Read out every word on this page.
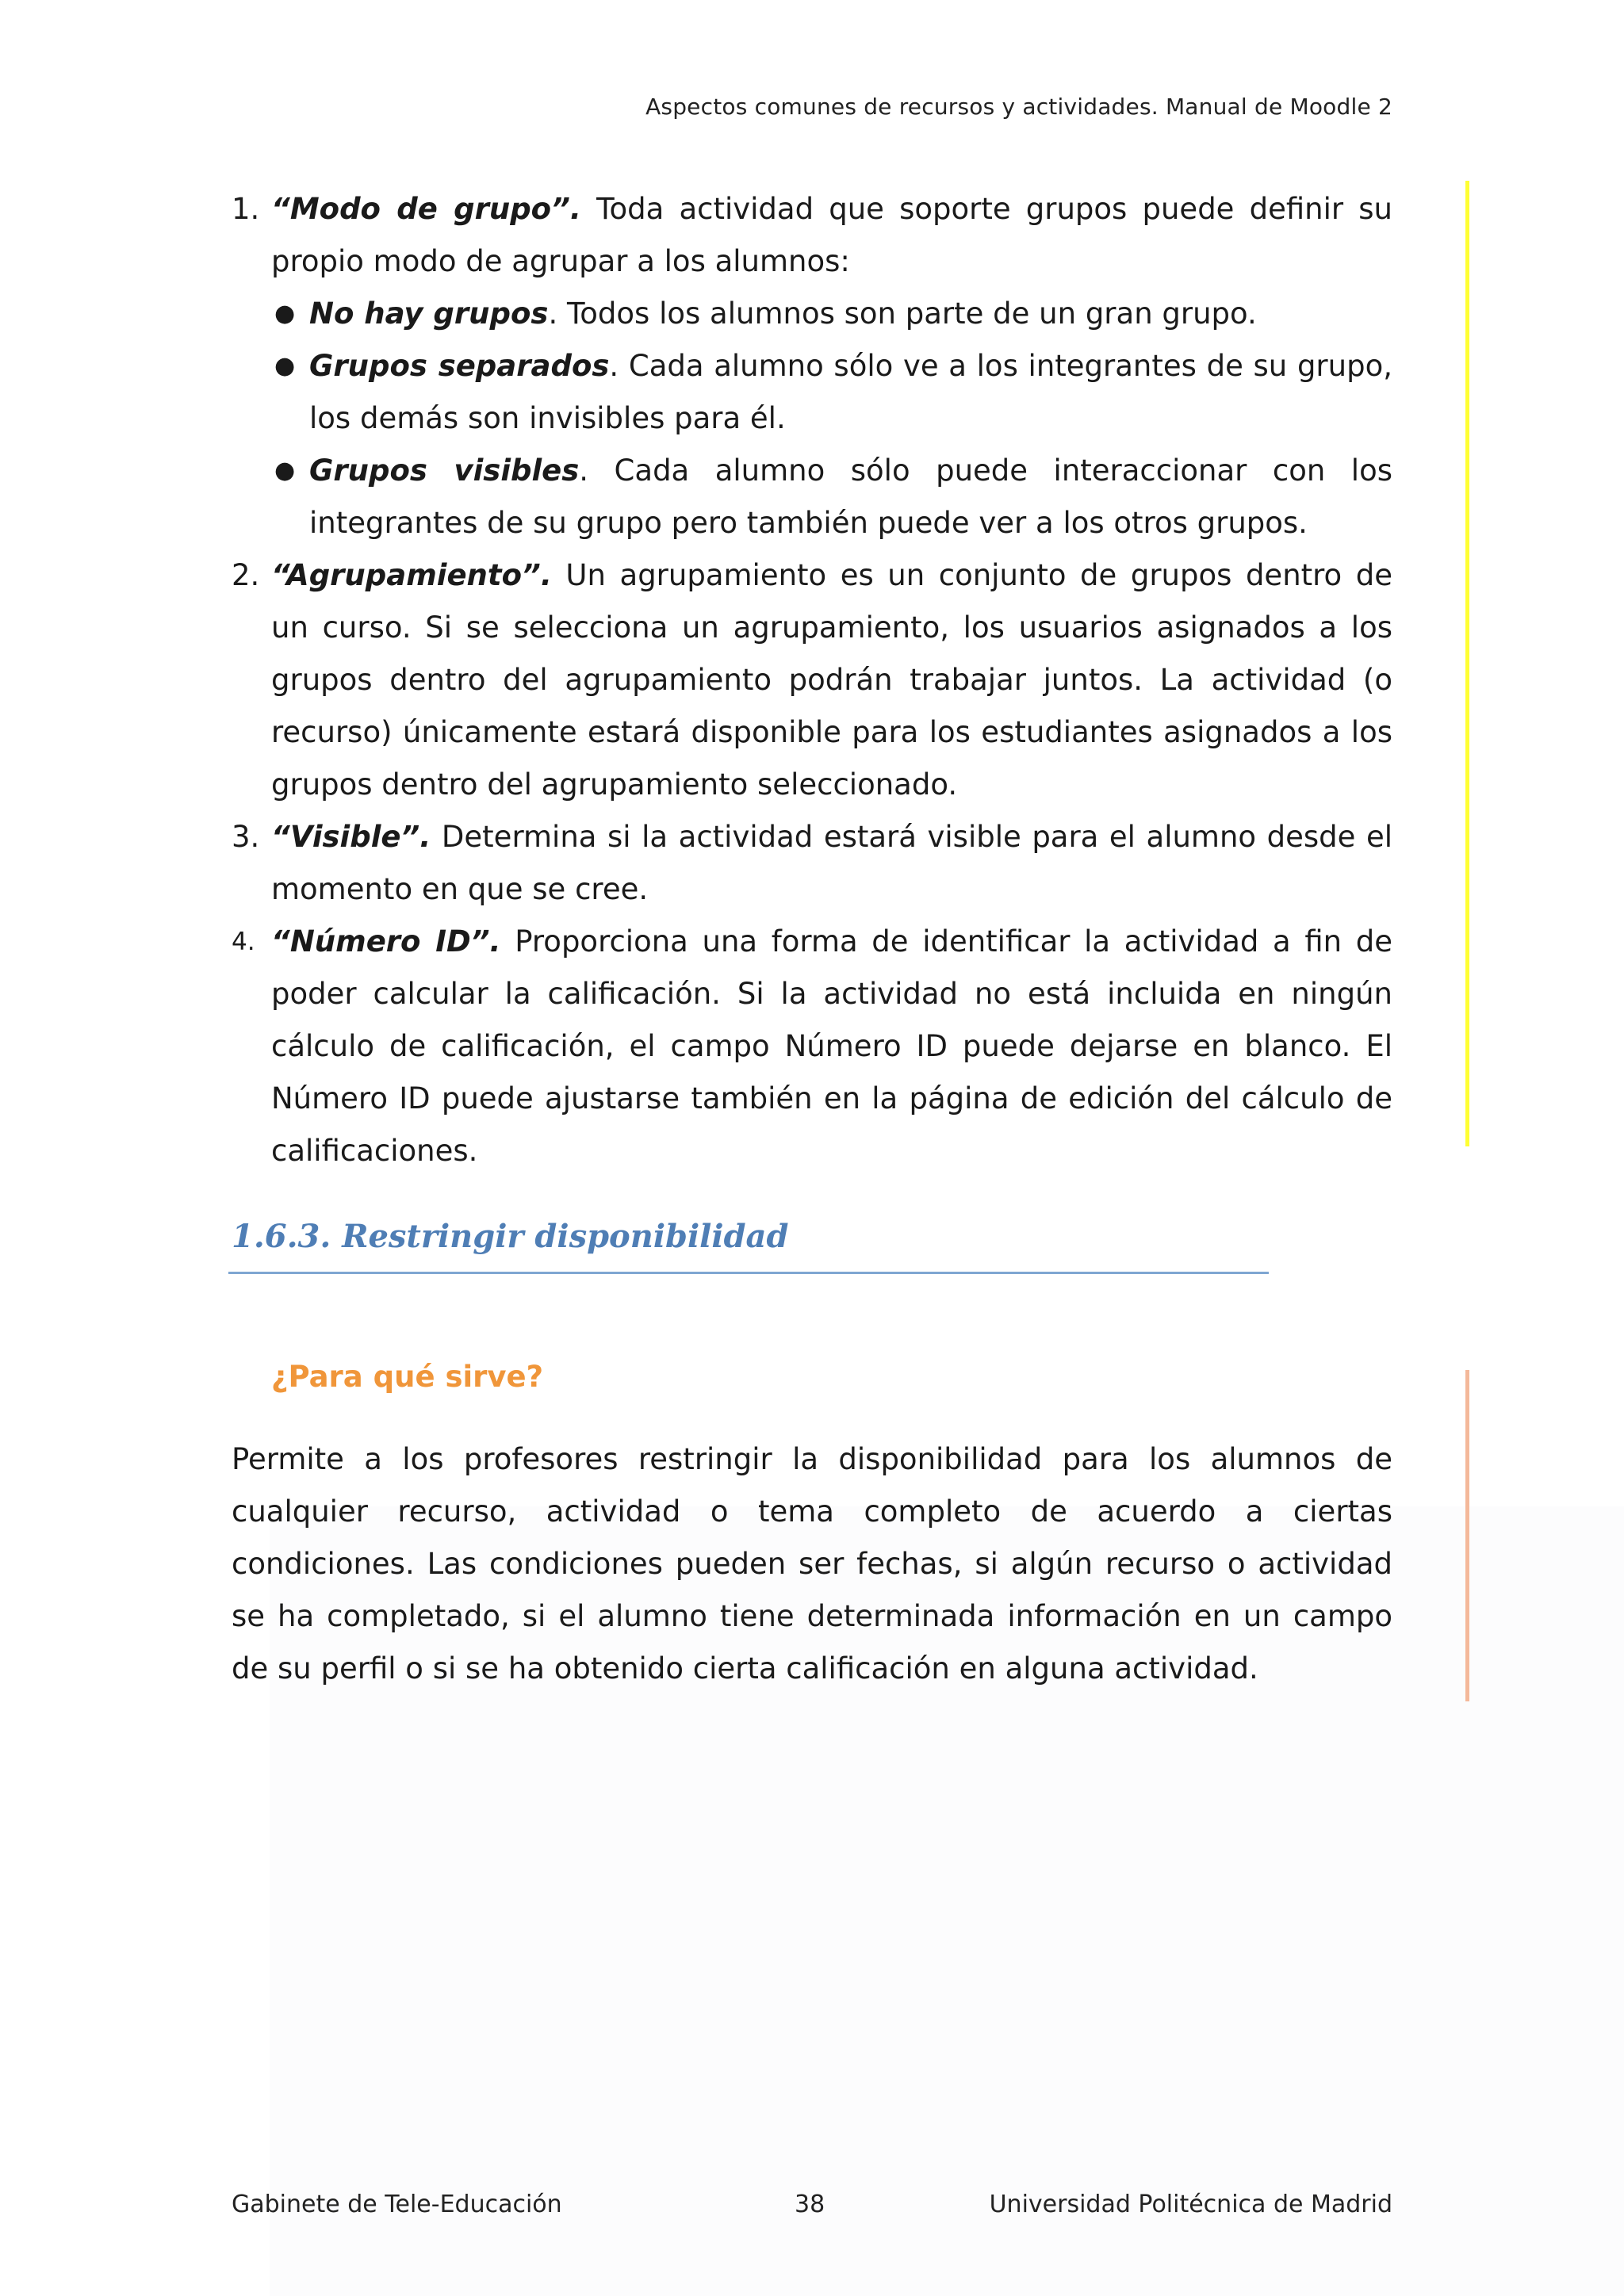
Aspectos comunes de recursos y actividades. Manual de Moodle 2
1. “Modo de grupo”. Toda actividad que soporte grupos puede definir su propio modo de agrupar a los alumnos:
● No hay grupos. Todos los alumnos son parte de un gran grupo.
● Grupos separados. Cada alumno sólo ve a los integrantes de su grupo, los demás son invisibles para él.
● Grupos visibles. Cada alumno sólo puede interaccionar con los integrantes de su grupo pero también puede ver a los otros grupos.
2. “Agrupamiento”. Un agrupamiento es un conjunto de grupos dentro de un curso. Si se selecciona un agrupamiento, los usuarios asignados a los grupos dentro del agrupamiento podrán trabajar juntos. La actividad (o recurso) únicamente estará disponible para los estudiantes asignados a los grupos dentro del agrupamiento seleccionado.
3. “Visible”. Determina si la actividad estará visible para el alumno desde el momento en que se cree.
4. “Número ID”. Proporciona una forma de identificar la actividad a fin de poder calcular la calificación. Si la actividad no está incluida en ningún cálculo de calificación, el campo Número ID puede dejarse en blanco. El Número ID puede ajustarse también en la página de edición del cálculo de calificaciones.
1.6.3. Restringir disponibilidad
¿Para qué sirve?
Permite a los profesores restringir la disponibilidad para los alumnos de cualquier recurso, actividad o tema completo de acuerdo a ciertas condiciones. Las condiciones pueden ser fechas, si algún recurso o actividad se ha completado, si el alumno tiene determinada información en un campo de su perfil o si se ha obtenido cierta calificación en alguna actividad.
Gabinete de Tele-Educación	38	Universidad Politécnica de Madrid
